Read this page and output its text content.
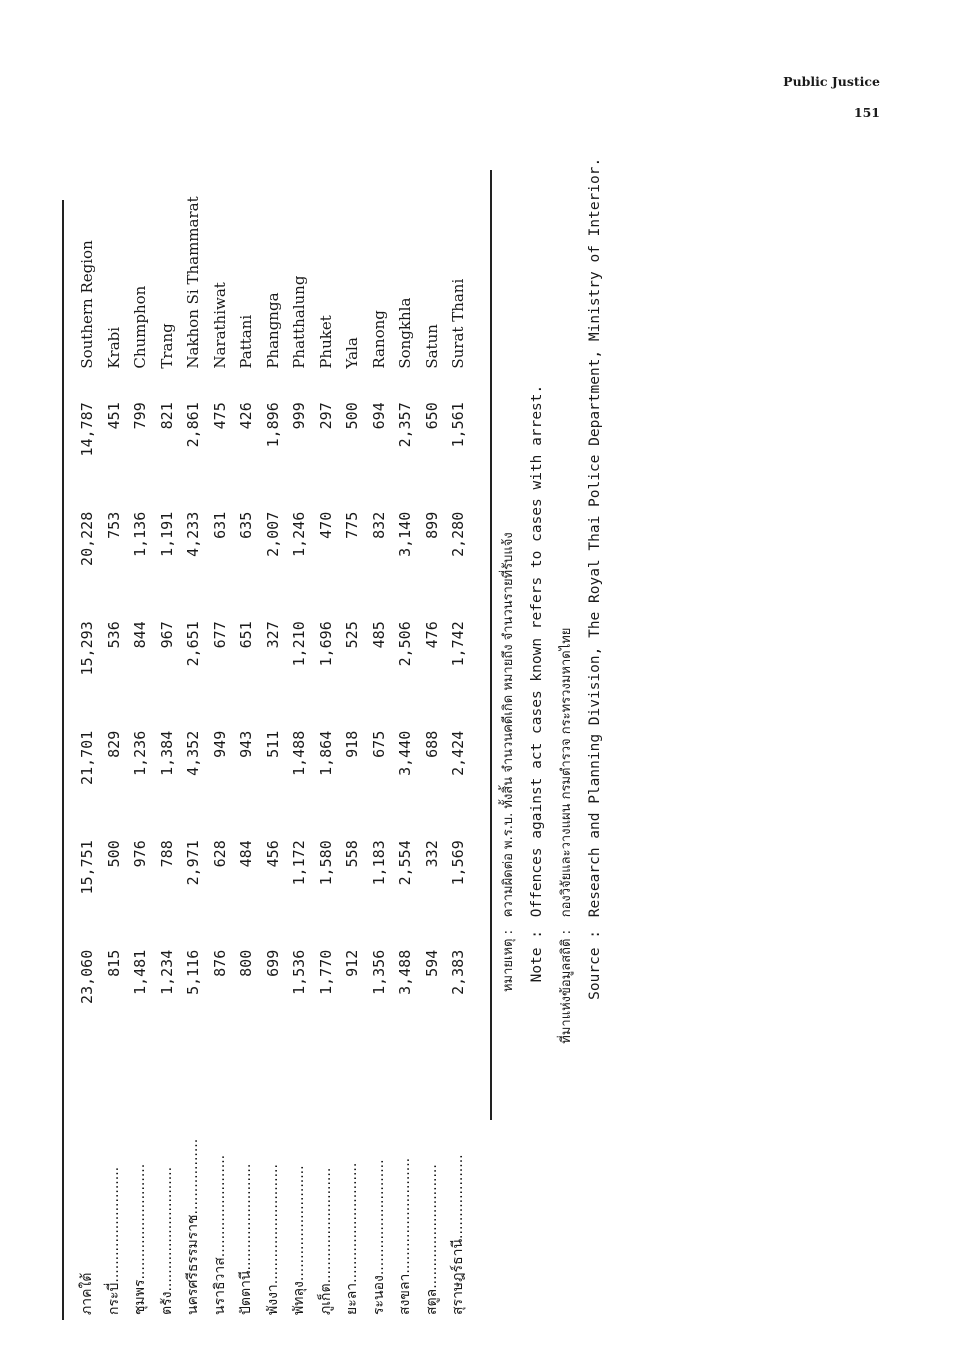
Public Justice
151
ภาคใต้	23,060	15,751	21,701	15,293	20,228	14,787		Southern Region
กระบี่..........................	815	500	829	536	753	451		Krabi
ชุมพร..........................	1,481	976	1,236	844	1,136	799		Chumphon
ตรัง............................	1,234	788	1,384	967	1,191	821		Trang
นครศรีธรรมราช.................	5,116	2,971	4,352	2,651	4,233	2,861		Nakhon Si Thammarat
นราธิวาส.......................	876	628	949	677	631	475		Narathiwat
ปัตตานี........................	800	484	943	651	635	426		Pattani
พังงา...........................	699	456	511	327	2,007	1,896		Phangnga
พัทลุง..........................	1,536	1,172	1,488	1,210	1,246	999		Phatthalung
ภูเก็ต..........................	1,770	1,580	1,864	1,696	470	297		Phuket
ยะลา...........................	912	558	918	525	775	500		Yala
ระนอง..........................	1,356	1,183	675	485	832	694		Ranong
สงขลา..........................	3,488	2,554	3,440	2,506	3,140	2,357		Songkhla
สตูล............................	594	332	688	476	899	650		Satun
สุราษฎร์ธานี...................	2,383	1,569	2,424	1,742	2,280	1,561		Surat Thani
หมายเหตุ : ความผิดต่อ พ.ร.บ. ทั้งสิ้น จำนวนคดีเกิด หมายถึง จำนวนรายที่รับแจ้ง
Note : Offences against act cases known refers to cases with arrest.
ที่มาแห่งข้อมูลสถิติ : กองวิจัยและวางแผน กรมตำรวจ กระทรวงมหาดไทย
Source : Research and Planning Division, The Royal Thai Police Department, Ministry of Interior.
